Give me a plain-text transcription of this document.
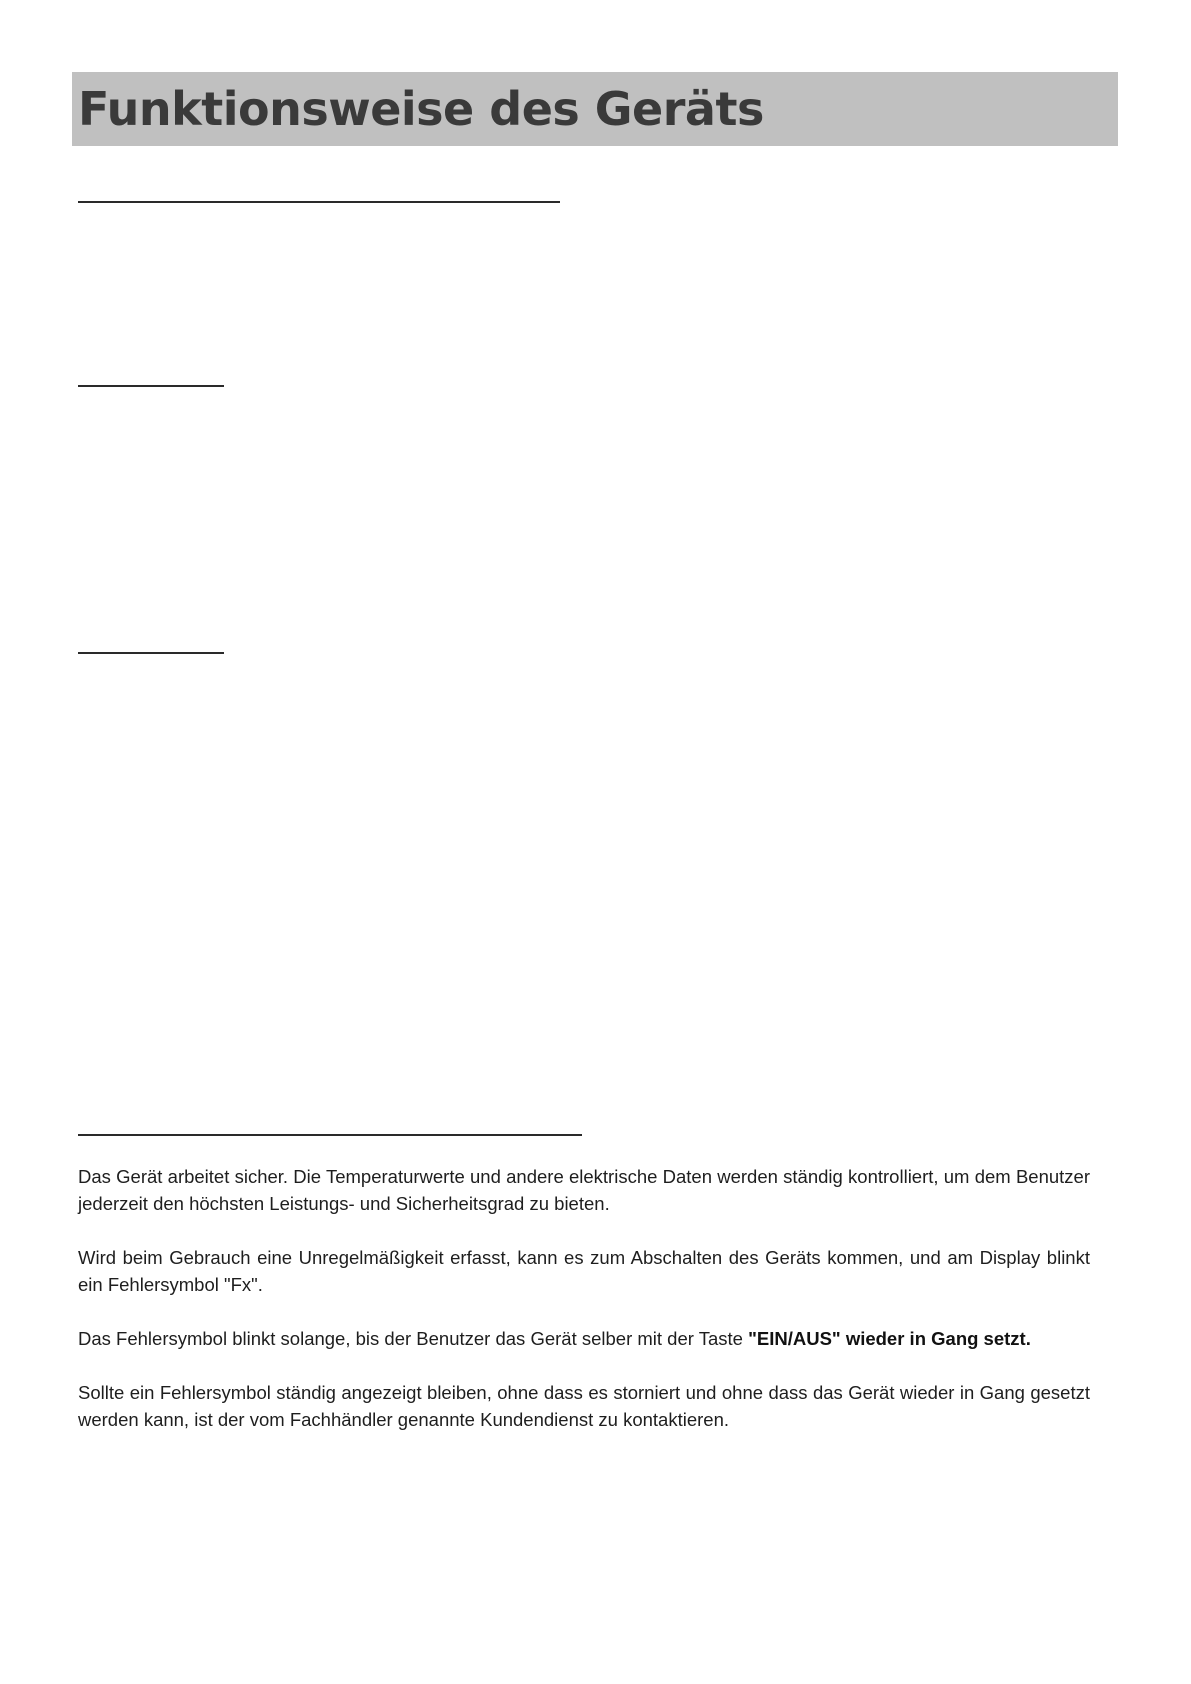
Funktionsweise des Geräts

Das Gerät arbeitet sicher. Die Temperaturwerte und andere elektrische Daten werden ständig kontrolliert, um dem Benutzer jederzeit den höchsten Leistungs- und Sicherheitsgrad zu bieten.

Wird beim Gebrauch eine Unregelmäßigkeit erfasst, kann es zum Abschalten des Geräts kommen, und am Display blinkt ein Fehlersymbol "Fx".

Das Fehlersymbol blinkt solange, bis der Benutzer das Gerät selber mit der Taste "EIN/AUS" wieder in Gang setzt.

Sollte ein Fehlersymbol ständig angezeigt bleiben, ohne dass es storniert und ohne dass das Gerät wieder in Gang gesetzt werden kann, ist der vom Fachhändler genannte Kundendienst zu kontaktieren.
